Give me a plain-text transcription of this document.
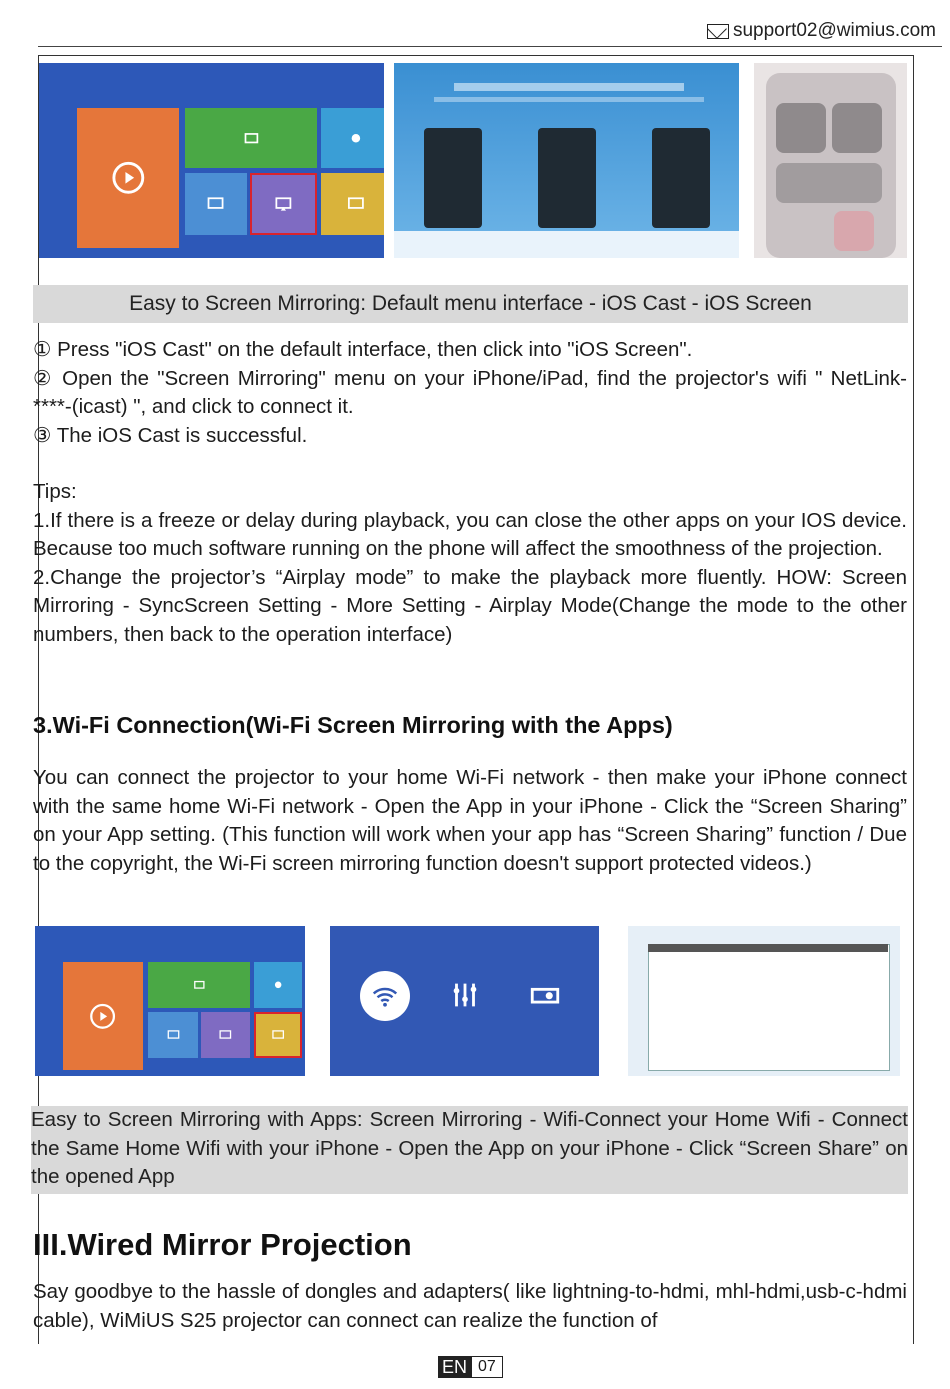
support02@wimius.com
Easy to Screen Mirroring: Default menu interface - iOS Cast - iOS Screen

① Press "iOS Cast" on the default interface, then click into "iOS Screen".

② Open the "Screen Mirroring" menu on your iPhone/iPad, find the projector's wifi " NetLink-****-(icast) ", and click to connect it.

③ The iOS Cast is successful.

Tips:

1.If there is a freeze or delay during playback, you can close the other apps on your IOS device. Because too much software running on the phone will affect the smoothness of the projection.

2.Change the projector’s “Airplay mode” to make the playback more fluently. HOW: Screen Mirroring - SyncScreen Setting - More Setting - Airplay Mode(Change the mode to the other numbers, then back to the operation interface)

3.Wi-Fi Connection(Wi-Fi Screen Mirroring with the Apps)
You can connect the projector to your home Wi-Fi network - then make your iPhone connect with the same home Wi-Fi network - Open the App in your iPhone - Click the “Screen Sharing” on your App setting. (This function will work when your app has “Screen Sharing” function / Due to the copyright, the Wi-Fi screen mirroring function doesn't support protected videos.)
Easy to Screen Mirroring with Apps: Screen Mirroring - Wifi-Connect your Home Wifi - Connect the Same Home Wifi with your iPhone - Open the App on your iPhone - Click “Screen Share” on the opened App
III.Wired Mirror Projection
Say goodbye to the hassle of dongles and adapters( like lightning-to-hdmi, mhl-hdmi,usb-c-hdmi cable), WiMiUS S25 projector can connect can realize the function of
EN 07
